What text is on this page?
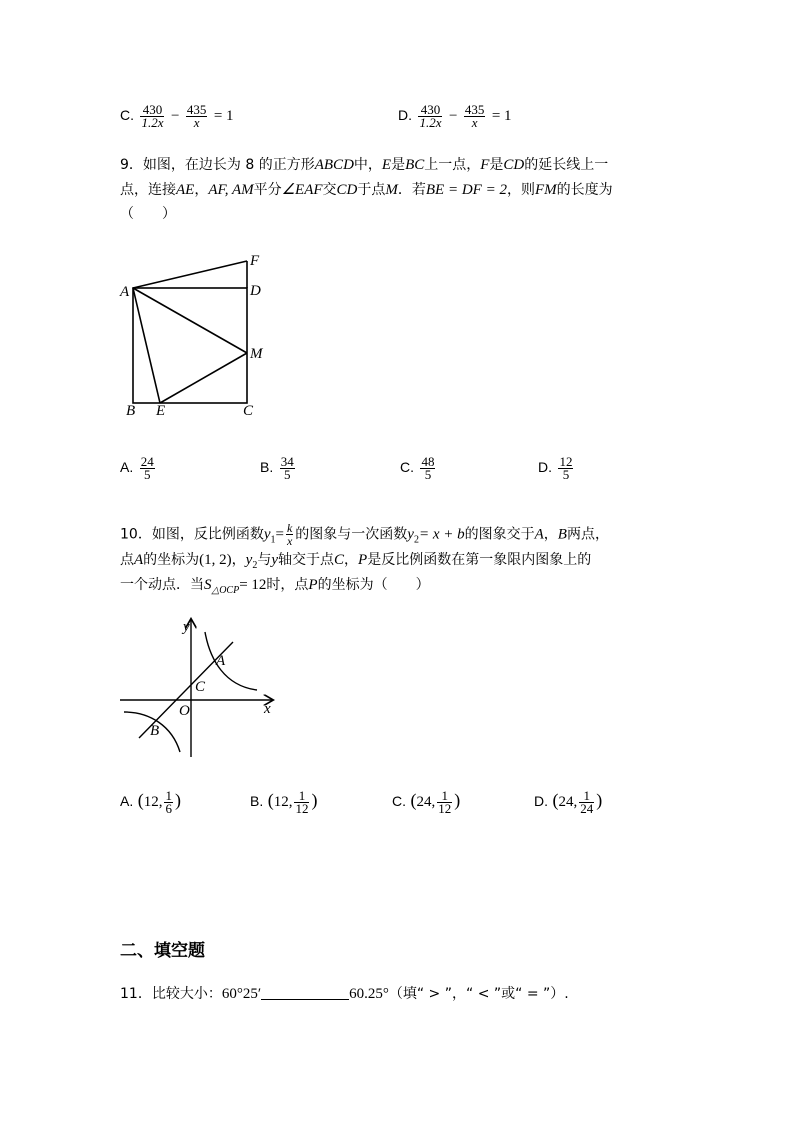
C. $\frac{430}{1.2x} - \frac{435}{x} = 1$	D. $\frac{430}{1.2x} - \frac{435}{x} = 1$
9．如图，在边长为 8 的正方形ABCD中，E是BC上一点，F是CD的延长线上一
点，连接AE，AF, AM平分∠EAF交CD于点M．若BE = DF = 2，则FM的长度为
（　　）
A
B E	C
D
F
M
A. $\frac{24}{5}$	B. $\frac{34}{5}$	C. $\frac{48}{5}$	D. $\frac{12}{5}$
10．如图，反比例函数$y_1= \frac{k}{x}$ 的图象与一次函数$y_2= x + b$的图象交于A，B两点，
点A的坐标为(1, 2)，$y_2$与y轴交于点C，P是反比例函数在第一象限内图象上的
一个动点．当$S_{\triangle OCP}= 12$时，点P的坐标为（　　）
y
x
O
A
C
B
A. (12, $\frac{1}{6}$ )	B. (12, $\frac{1}{12}$ )	C. (24, $\frac{1}{12}$ )	D. (24, $\frac{1}{24}$ )
二、填空题
11．比较大小：60°25′	60.25°（填“ > ”，“ < ”或“ = ”）.
